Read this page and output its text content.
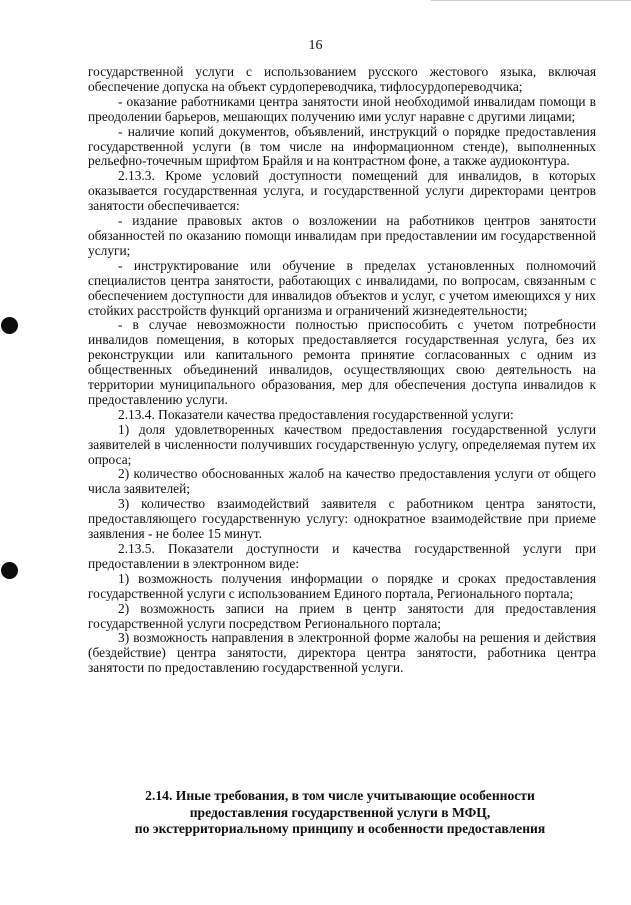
16

государственной услуги с использованием русского жестового языка, включая обеспечение допуска на объект сурдопереводчика, тифлосурдопереводчика;

- оказание работниками центра занятости иной необходимой инвалидам помощи в преодолении барьеров, мешающих получению ими услуг наравне с другими лицами;

- наличие копий документов, объявлений, инструкций о порядке предоставления государственной услуги (в том числе на информационном стенде), выполненных рельефно-точечным шрифтом Брайля и на контрастном фоне, а также аудиоконтура.

2.13.3. Кроме условий доступности помещений для инвалидов, в которых оказывается государственная услуга, и государственной услуги директорами центров занятости обеспечивается:

- издание правовых актов о возложении на работников центров занятости обязанностей по оказанию помощи инвалидам при предоставлении им государственной услуги;

- инструктирование или обучение в пределах установленных полномочий специалистов центра занятости, работающих с инвалидами, по вопросам, связанным с обеспечением доступности для инвалидов объектов и услуг, с учетом имеющихся у них стойких расстройств функций организма и ограничений жизнедеятельности;

- в случае невозможности полностью приспособить с учетом потребности инвалидов помещения, в которых предоставляется государственная услуга, без их реконструкции или капитального ремонта принятие согласованных с одним из общественных объединений инвалидов, осуществляющих свою деятельность на территории муниципального образования, мер для обеспечения доступа инвалидов к предоставлению услуги.

2.13.4. Показатели качества предоставления государственной услуги:

1) доля удовлетворенных качеством предоставления государственной услуги заявителей в численности получивших государственную услугу, определяемая путем их опроса;

2) количество обоснованных жалоб на качество предоставления услуги от общего числа заявителей;

3) количество взаимодействий заявителя с работником центра занятости, предоставляющего государственную услугу: однократное взаимодействие при приеме заявления - не более 15 минут.

2.13.5. Показатели доступности и качества государственной услуги при предоставлении в электронном виде:

1) возможность получения информации о порядке и сроках предоставления государственной услуги с использованием Единого портала, Регионального портала;

2) возможность записи на прием в центр занятости для предоставления государственной услуги посредством Регионального портала;

3) возможность направления в электронной форме жалобы на решения и действия (бездействие) центра занятости, директора центра занятости, работника центра занятости по предоставлению государственной услуги.

2.14. Иные требования, в том числе учитывающие особенности
предоставления государственной услуги в МФЦ,
по экстерриториальному принципу и особенности предоставления
